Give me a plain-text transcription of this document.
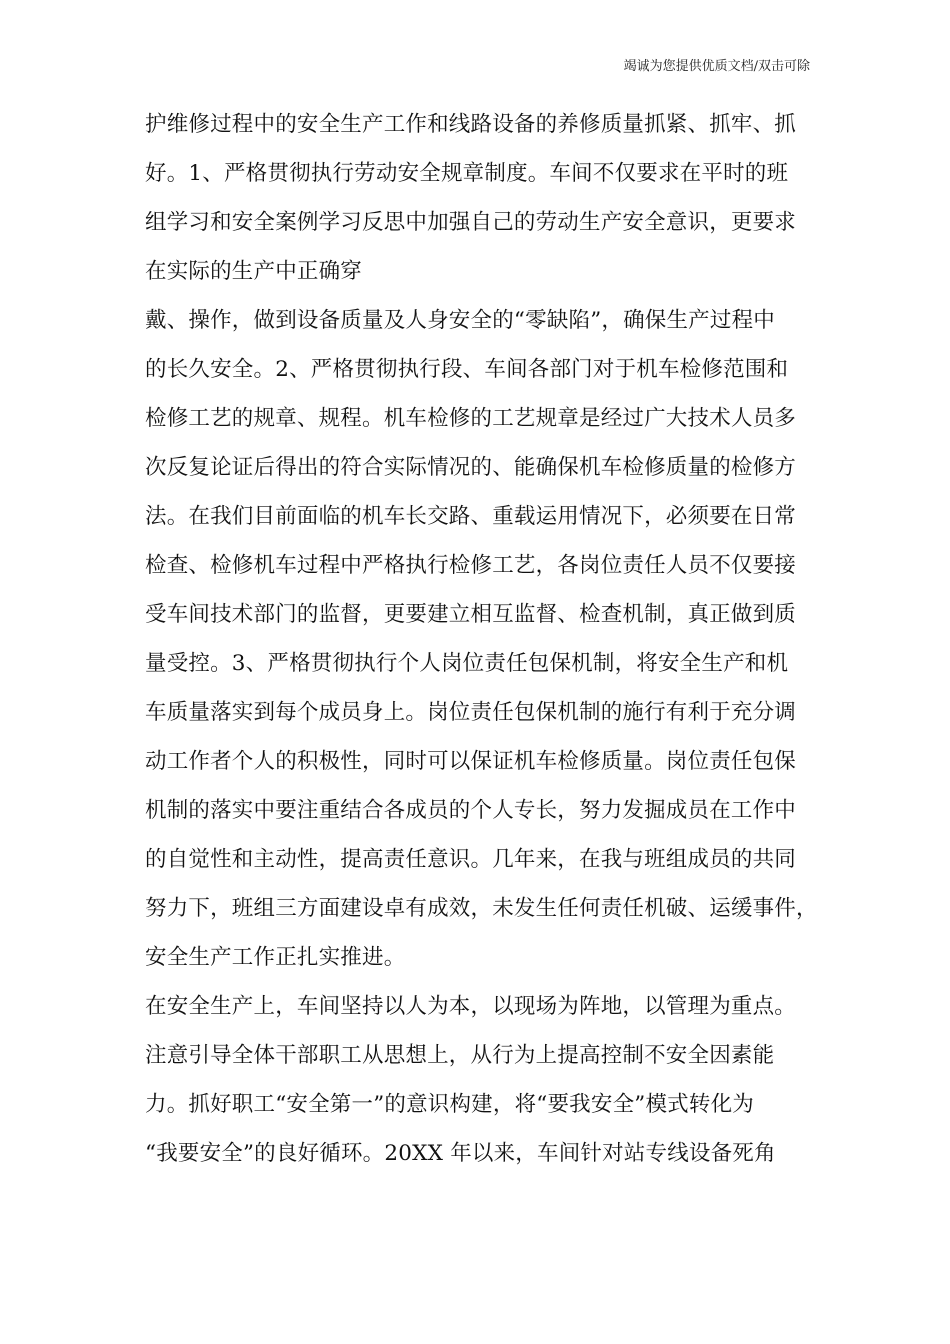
竭诚为您提供优质文档/双击可除
护维修过程中的安全生产工作和线路设备的养修质量抓紧、抓牢、抓
好。1、严格贯彻执行劳动安全规章制度。车间不仅要求在平时的班
组学习和安全案例学习反思中加强自己的劳动生产安全意识，更要求
在实际的生产中正确穿
戴、操作，做到设备质量及人身安全的“零缺陷”，确保生产过程中
的长久安全。2、严格贯彻执行段、车间各部门对于机车检修范围和
检修工艺的规章、规程。机车检修的工艺规章是经过广大技术人员多
次反复论证后得出的符合实际情况的、能确保机车检修质量的检修方
法。在我们目前面临的机车长交路、重载运用情况下，必须要在日常
检查、检修机车过程中严格执行检修工艺，各岗位责任人员不仅要接
受车间技术部门的监督，更要建立相互监督、检查机制，真正做到质
量受控。3、严格贯彻执行个人岗位责任包保机制，将安全生产和机
车质量落实到每个成员身上。岗位责任包保机制的施行有利于充分调
动工作者个人的积极性，同时可以保证机车检修质量。岗位责任包保
机制的落实中要注重结合各成员的个人专长，努力发掘成员在工作中
的自觉性和主动性，提高责任意识。几年来，在我与班组成员的共同
努力下，班组三方面建设卓有成效，未发生任何责任机破、运缓事件，
安全生产工作正扎实推进。
在安全生产上，车间坚持以人为本，以现场为阵地，以管理为重点。
注意引导全体干部职工从思想上，从行为上提高控制不安全因素能
力。抓好职工“安全第一”的意识构建，将“要我安全”模式转化为
“我要安全”的良好循环。20XX 年以来，车间针对站专线设备死角
